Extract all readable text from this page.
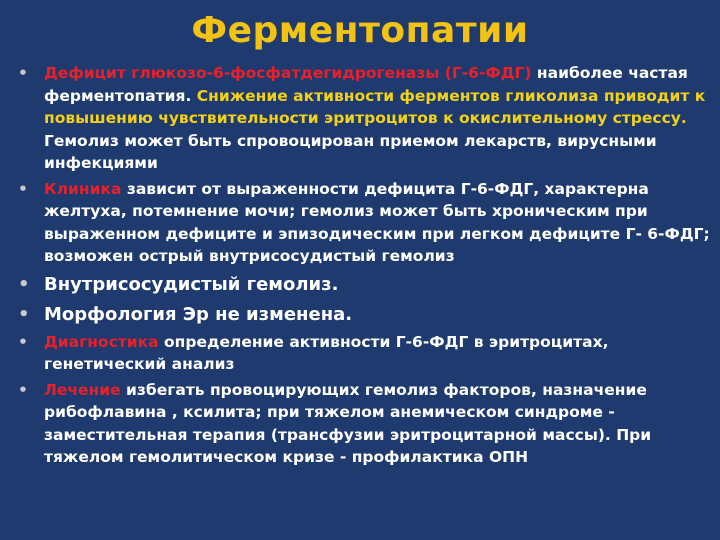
Ферментопатии
• Дефицит глюкозо-6-фосфатдегидрогеназы (Г-6-ФДГ) наиболее частая ферментопатия. Снижение активности ферментов гликолиза приводит к повышению чувствительности эритроцитов к окислительному стрессу. Гемолиз может быть спровоцирован приемом лекарств, вирусными инфекциями
• Клиника зависит от выраженности дефицита Г-6-ФДГ, характерна желтуха, потемнение мочи; гемолиз может быть хроническим при выраженном дефиците и эпизодическим при легком дефиците Г- 6-ФДГ; возможен острый внутрисосудистый гемолиз
• Внутрисосудистый гемолиз.
• Морфология Эр не изменена.
• Диагностика определение активности Г-6-ФДГ в эритроцитах, генетический анализ
• Лечение избегать провоцирующих гемолиз факторов, назначение рибофлавина , ксилита; при тяжелом анемическом синдроме - заместительная терапия (трансфузии эритроцитарной массы). При тяжелом гемолитическом кризе - профилактика ОПН
